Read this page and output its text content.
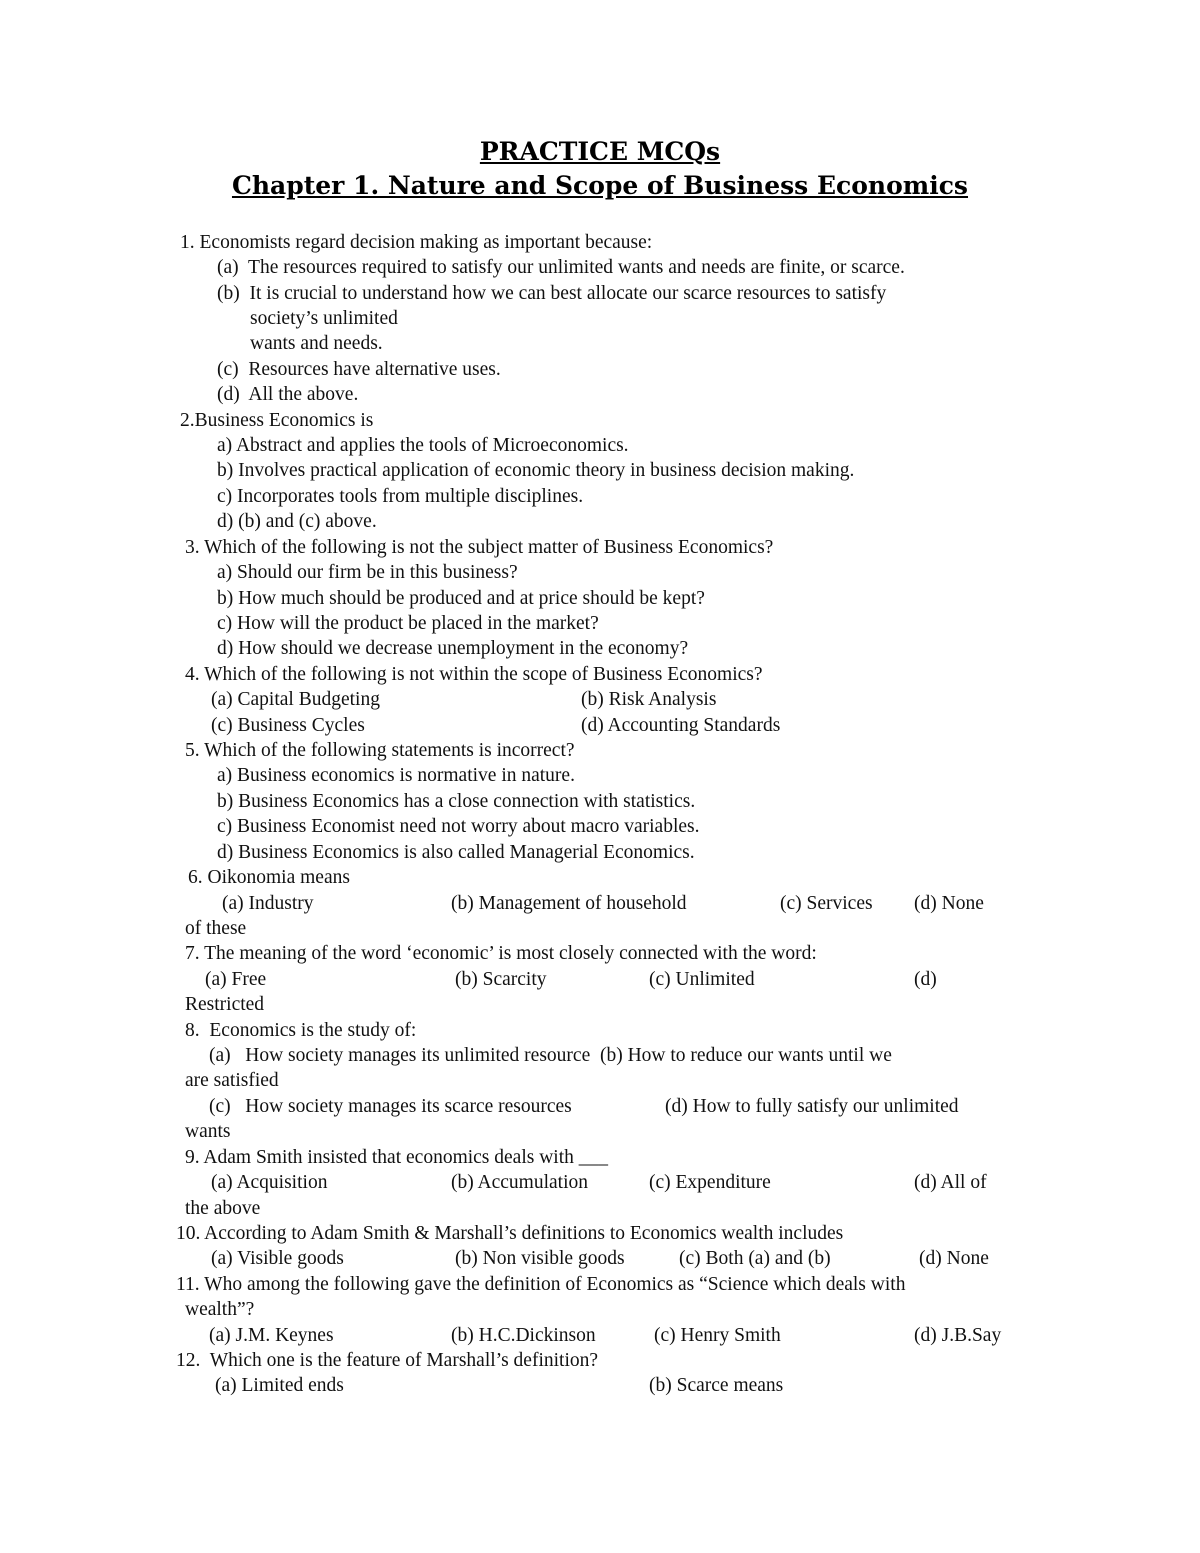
PRACTICE MCQs
Chapter 1. Nature and Scope of Business Economics
1. Economists regard decision making as important because:
(a)  The resources required to satisfy our unlimited wants and needs are finite, or scarce.
(b)  It is crucial to understand how we can best allocate our scarce resources to satisfy
society’s unlimited
wants and needs.
(c)  Resources have alternative uses.
(d)  All the above.
2.Business Economics is
a) Abstract and applies the tools of Microeconomics.
b) Involves practical application of economic theory in business decision making.
c) Incorporates tools from multiple disciplines.
d) (b) and (c) above.
3. Which of the following is not the subject matter of Business Economics?
a) Should our firm be in this business?
b) How much should be produced and at price should be kept?
c) How will the product be placed in the market?
d) How should we decrease unemployment in the economy?
4. Which of the following is not within the scope of Business Economics?
(a) Capital Budgeting	(b) Risk Analysis
(c) Business Cycles	(d) Accounting Standards
5. Which of the following statements is incorrect?
a) Business economics is normative in nature.
b) Business Economics has a close connection with statistics.
c) Business Economist need not worry about macro variables.
d) Business Economics is also called Managerial Economics.
6. Oikonomia means
(a) Industry	(b) Management of household	(c) Services (d) None
of these
7. The meaning of the word ‘economic’ is most closely connected with the word:
(a) Free	(b) Scarcity	(c) Unlimited	(d)
Restricted
8.  Economics is the study of:
(a)   How society manages its unlimited resource  (b) How to reduce our wants until we
are satisfied
(c)   How society manages its scarce resources	(d) How to fully satisfy our unlimited
wants
9. Adam Smith insisted that economics deals with ___
(a) Acquisition	(b) Accumulation	(c) Expenditure	(d) All of
the above
10. According to Adam Smith & Marshall’s definitions to Economics wealth includes
(a) Visible goods	(b) Non visible goods	(c) Both (a) and (b)	(d) None
11. Who among the following gave the definition of Economics as “Science which deals with
wealth”?
(a) J.M. Keynes	(b) H.C.Dickinson	(c) Henry Smith	(d) J.B.Say
12.  Which one is the feature of Marshall’s definition?
(a) Limited ends	(b) Scarce means
